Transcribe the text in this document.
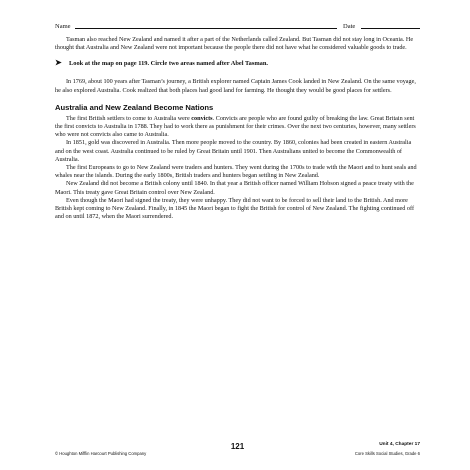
Name	Date

Tasman also reached New Zealand and named it after a part of the Netherlands called Zealand. But Tasman did not stay long in Oceania. He thought that Australia and New Zealand were not important because the people there did not have what he considered valuable goods to trade.

➤ Look at the map on page 119. Circle two areas named after Abel Tasman.

In 1769, about 100 years after Tasman’s journey, a British explorer named Captain James Cook landed in New Zealand. On the same voyage, he also explored Australia. Cook realized that both places had good land for farming. He thought they would be good places for settlers.

Australia and New Zealand Become Nations

The first British settlers to come to Australia were convicts. Convicts are people who are found guilty of breaking the law. Great Britain sent the first convicts to Australia in 1788. They had to work there as punishment for their crimes. Over the next two centuries, however, many settlers who were not convicts also came to Australia.

In 1851, gold was discovered in Australia. Then more people moved to the country. By 1860, colonies had been created in eastern Australia and on the west coast. Australia continued to be ruled by Great Britain until 1901. Then Australians united to become the Commonwealth of Australia.

The first Europeans to go to New Zealand were traders and hunters. They went during the 1700s to trade with the Maori and to hunt seals and whales near the islands. During the early 1800s, British traders and hunters began settling in New Zealand.

New Zealand did not become a British colony until 1840. In that year a British officer named William Hobson signed a peace treaty with the Maori. This treaty gave Great Britain control over New Zealand.

Even though the Maori had signed the treaty, they were unhappy. They did not want to be forced to sell their land to the British. And more British kept coming to New Zealand. Finally, in 1845 the Maori began to fight the British for control of New Zealand. The fighting continued off and on until 1872, when the Maori surrendered.

121
© Houghton Mifflin Harcourt Publishing Company
Unit 4, Chapter 17
Core Skills Social Studies, Grade 6
